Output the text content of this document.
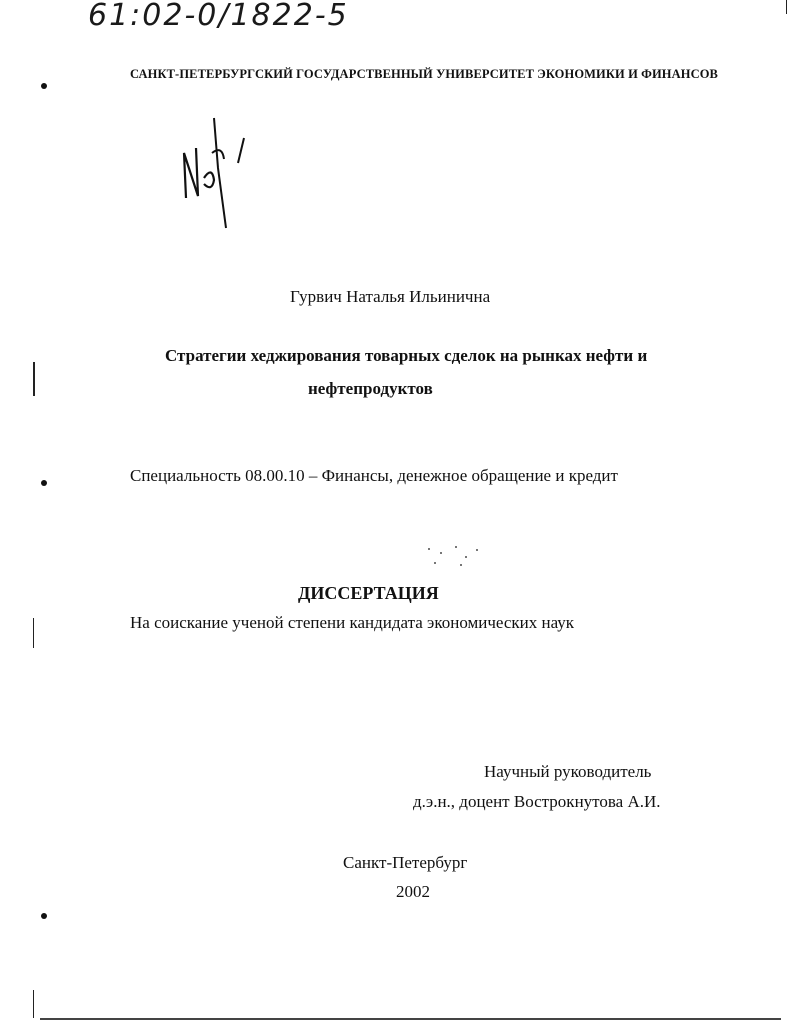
61:02-0/1822-5
САНКТ-ПЕТЕРБУРГСКИЙ ГОСУДАРСТВЕННЫЙ УНИВЕРСИТЕТ ЭКОНОМИКИ И ФИНАНСОВ
Гурвич Наталья Ильинична
Стратегии хеджирования товарных сделок на рынках нефти и
нефтепродуктов
Специальность 08.00.10 – Финансы, денежное обращение и кредит
ДИССЕРТАЦИЯ
На соискание ученой степени кандидата экономических наук
Научный руководитель
д.э.н., доцент Вострокнутова А.И.
Санкт-Петербург
2002
